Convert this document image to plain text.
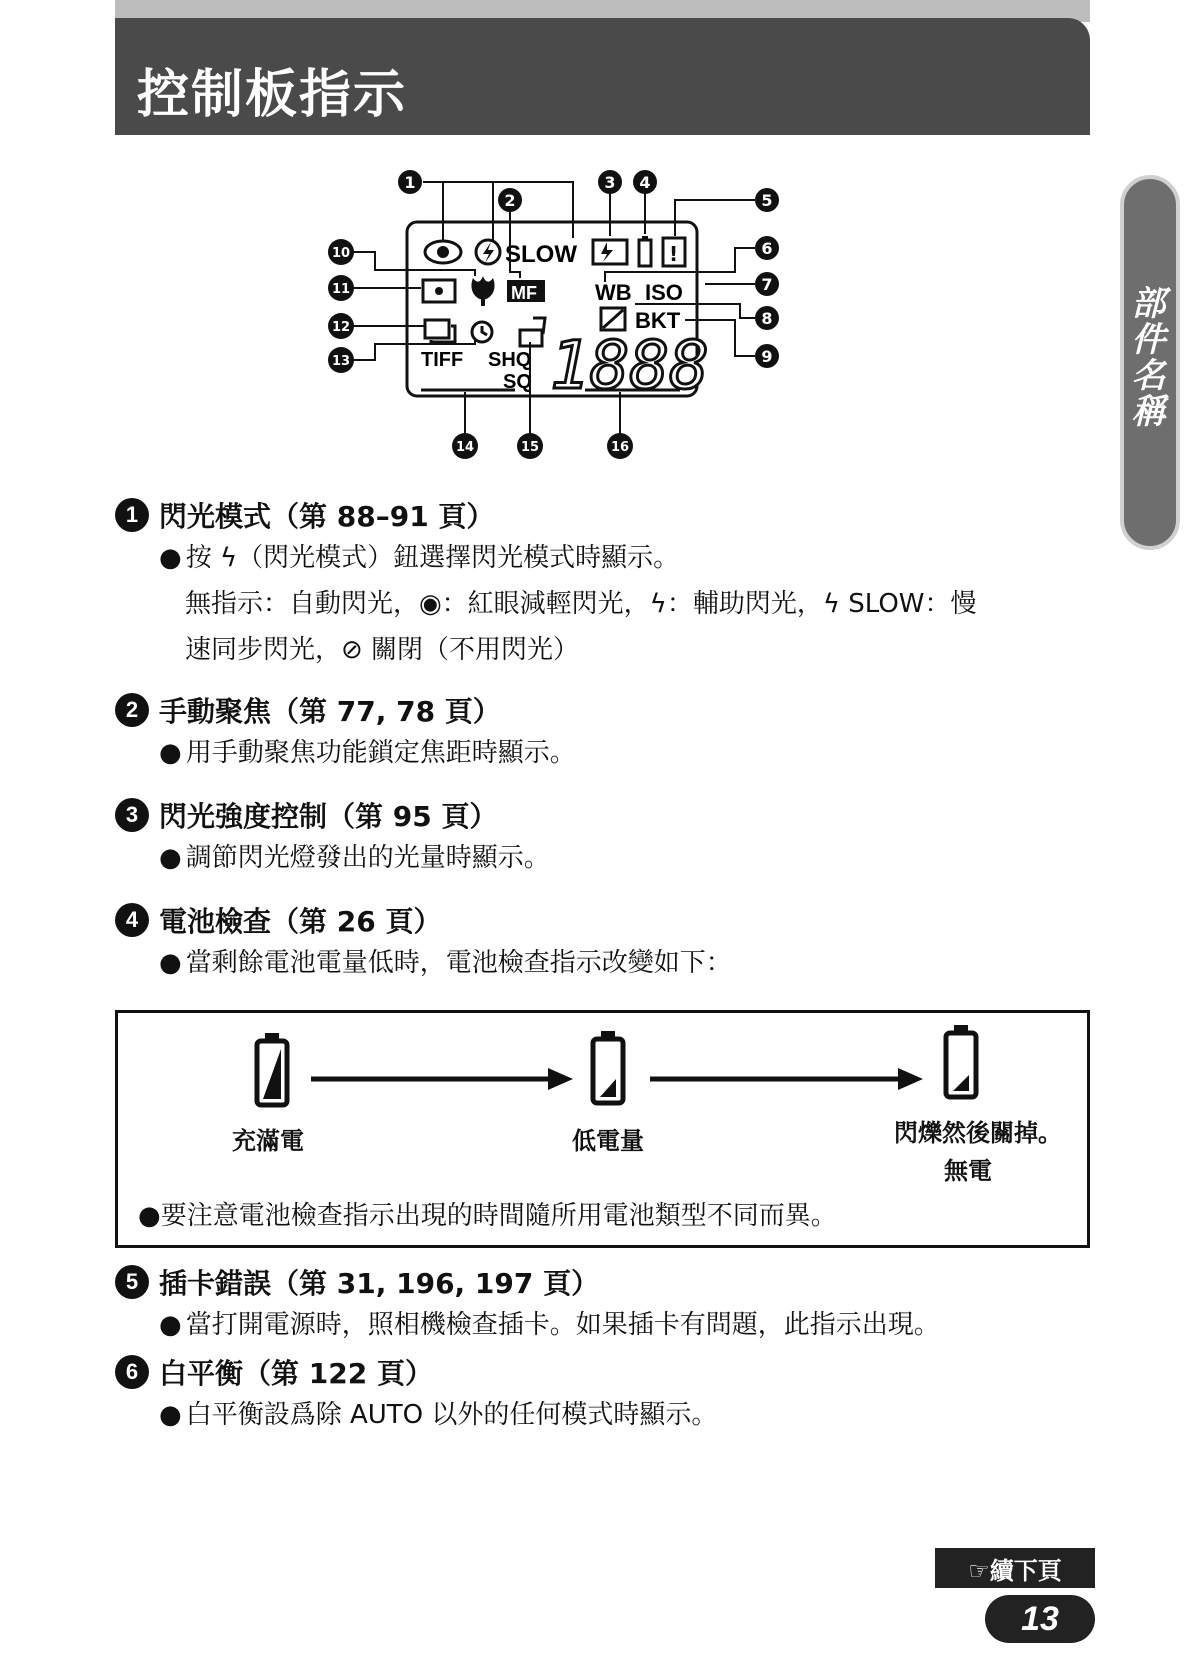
控制板指示
部件名稱
SLOW	!
MF	WB ISO
BKT
TIFF SHQ
SQ 1888
1
2
3 4
5
6
7
8
9
10
11
12
13
14	15	16
1 閃光模式（第 88–91 頁）
● 按 ϟ（閃光模式）鈕選擇閃光模式時顯示。
無指示：自動閃光，◉：紅眼減輕閃光，ϟ：輔助閃光，ϟ SLOW：慢
速同步閃光，⊘ 關閉（不用閃光）
2 手動聚焦（第 77, 78 頁）
● 用手動聚焦功能鎖定焦距時顯示。
3 閃光強度控制（第 95 頁）
● 調節閃光燈發出的光量時顯示。
4 電池檢查（第 26 頁）
● 當剩餘電池電量低時，電池檢查指示改變如下：
充滿電	低電量	閃爍然後關掉。
無電
●要注意電池檢查指示出現的時間隨所用電池類型不同而異。
5 插卡錯誤（第 31, 196, 197 頁）
● 當打開電源時，照相機檢查插卡。如果插卡有問題，此指示出現。
6 白平衡（第 122 頁）
● 白平衡設爲除 AUTO 以外的任何模式時顯示。
☞續下頁
13
